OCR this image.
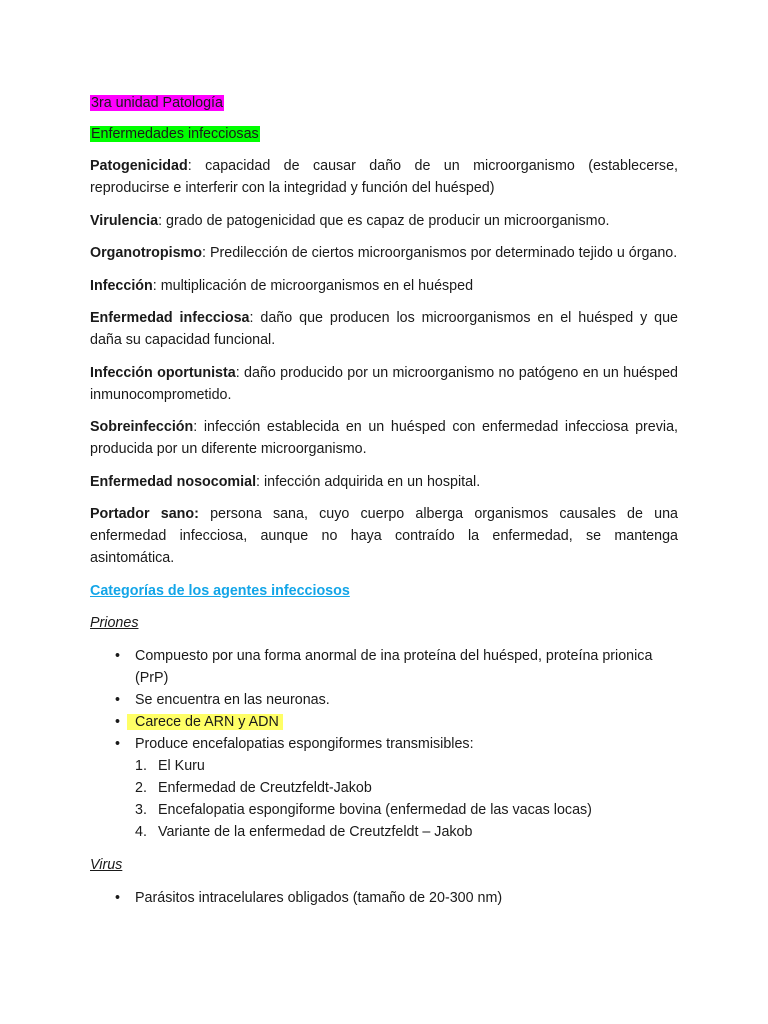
3ra unidad Patología
Enfermedades infecciosas

Patogenicidad: capacidad de causar daño de un microorganismo (establecerse, reproducirse e interferir con la integridad y función del huésped)

Virulencia: grado de patogenicidad que es capaz de producir un microorganismo.

Organotropismo: Predilección de ciertos microorganismos por determinado tejido u órgano.

Infección: multiplicación de microorganismos en el huésped

Enfermedad infecciosa: daño que producen los microorganismos en el huésped y que daña su capacidad funcional.

Infección oportunista: daño producido por un microorganismo no patógeno en un huésped inmunocomprometido.

Sobreinfección: infección establecida en un huésped con enfermedad infecciosa previa, producida por un diferente microorganismo.

Enfermedad nosocomial: infección adquirida en un hospital.

Portador sano: persona sana, cuyo cuerpo alberga organismos causales de una enfermedad infecciosa, aunque no haya contraído la enfermedad, se mantenga asintomática.

Categorías de los agentes infecciosos
Priones
• Compuesto por una forma anormal de ina proteína del huésped, proteína prionica (PrP)
• Se encuentra en las neuronas.
• Carece de ARN y ADN
• Produce encefalopatias espongiformes transmisibles:
1. El Kuru
2. Enfermedad de Creutzfeldt-Jakob
3. Encefalopatia espongiforme bovina (enfermedad de las vacas locas)
4. Variante de la enfermedad de Creutzfeldt – Jakob
Virus
• Parásitos intracelulares obligados (tamaño de 20-300 nm)
